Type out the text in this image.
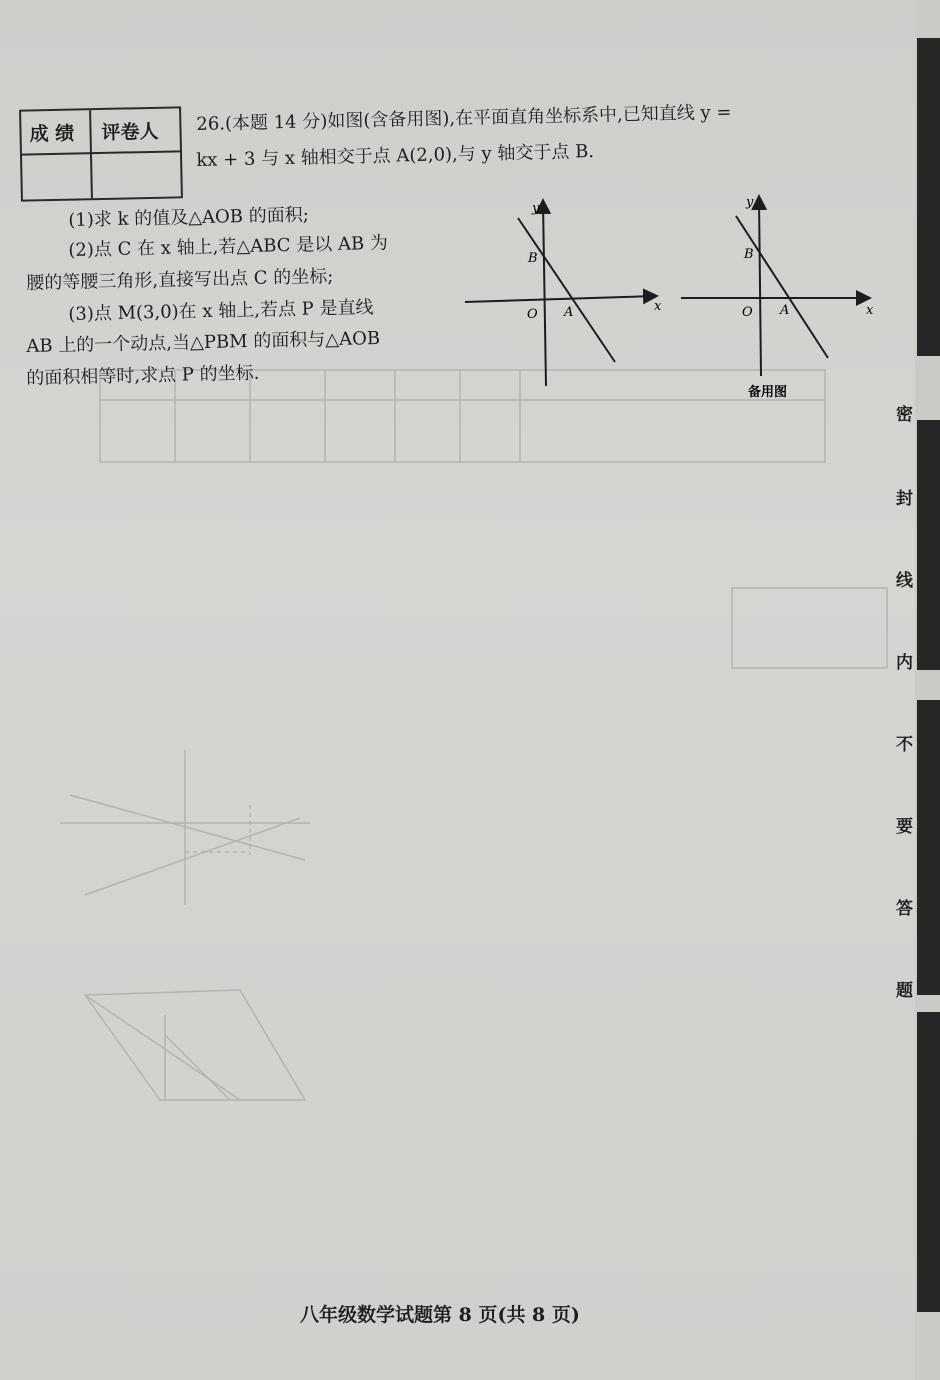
成 绩 评卷人 26.(本题 14 分)如图(含备用图),在平面直角坐标系中,已知直线 y =
kx + 3 与 x 轴相交于点 A(2,0),与 y 轴交于点 B.
(1)求 k 的值及△AOB 的面积;
(2)点 C 在 x 轴上,若△ABC 是以 AB 为
腰的等腰三角形,直接写出点 C 的坐标;
(3)点 M(3,0)在 x 轴上,若点 P 是直线
AB 上的一个动点,当△PBM 的面积与△AOB
的面积相等时,求点 P 的坐标.
y
x
B
O A
y
x
B
O A
备用图
密
封
线
内
不
要
答
题
八年级数学试题第 8 页(共 8 页)
